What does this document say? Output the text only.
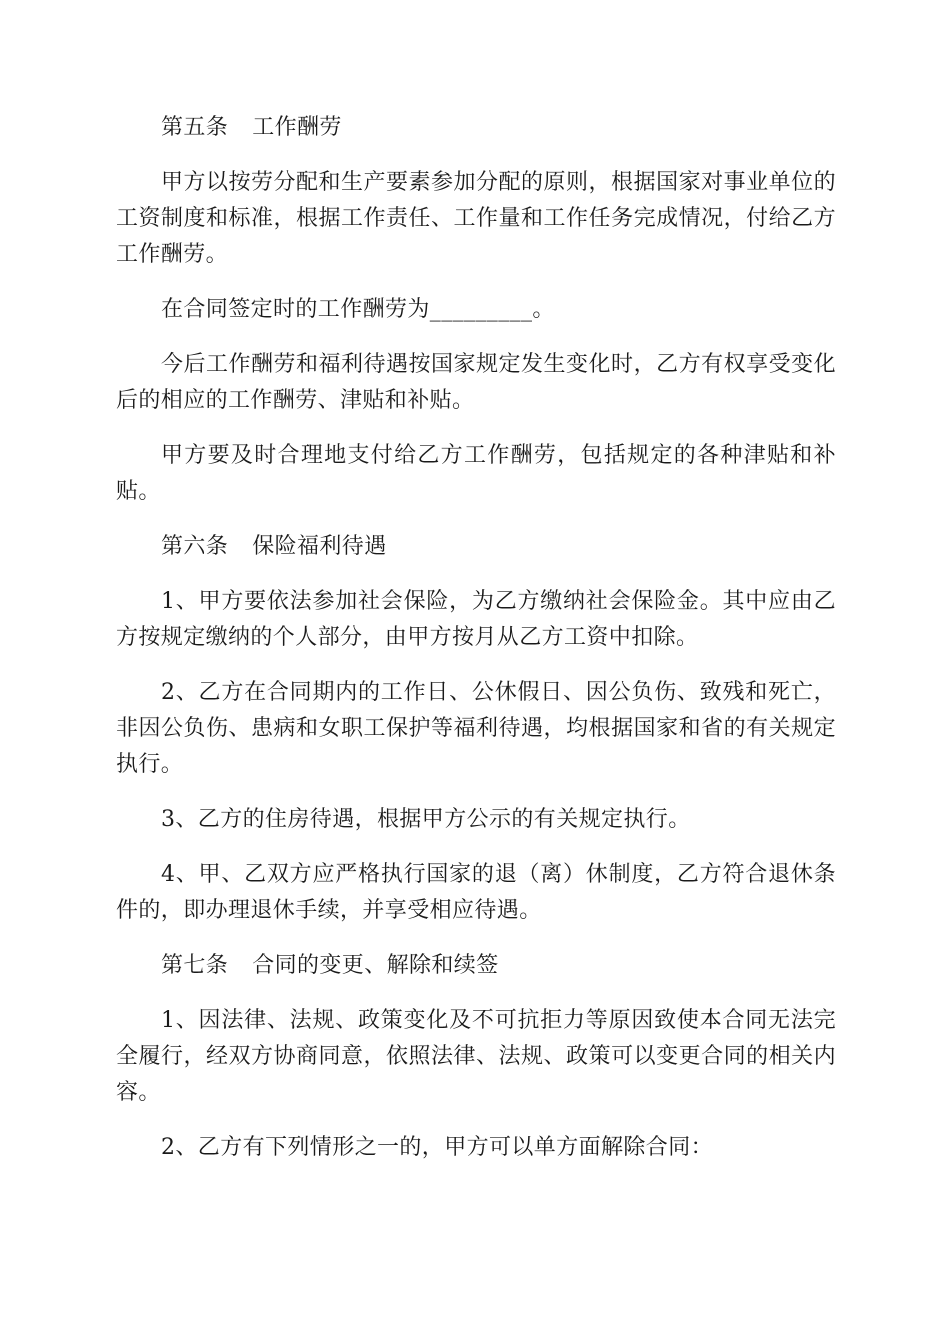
第五条 工作酬劳

甲方以按劳分配和生产要素参加分配的原则，根据国家对事业单位的工资制度和标准，根据工作责任、工作量和工作任务完成情况，付给乙方工作酬劳。

在合同签定时的工作酬劳为_________。

今后工作酬劳和福利待遇按国家规定发生变化时，乙方有权享受变化后的相应的工作酬劳、津贴和补贴。

甲方要及时合理地支付给乙方工作酬劳，包括规定的各种津贴和补贴。

第六条 保险福利待遇

1、甲方要依法参加社会保险，为乙方缴纳社会保险金。其中应由乙方按规定缴纳的个人部分，由甲方按月从乙方工资中扣除。

2、乙方在合同期内的工作日、公休假日、因公负伤、致残和死亡，非因公负伤、患病和女职工保护等福利待遇，均根据国家和省的有关规定执行。

3、乙方的住房待遇，根据甲方公示的有关规定执行。

4、甲、乙双方应严格执行国家的退（离）休制度，乙方符合退休条件的，即办理退休手续，并享受相应待遇。

第七条 合同的变更、解除和续签

1、因法律、法规、政策变化及不可抗拒力等原因致使本合同无法完全履行，经双方协商同意，依照法律、法规、政策可以变更合同的相关内容。

2、乙方有下列情形之一的，甲方可以单方面解除合同：
